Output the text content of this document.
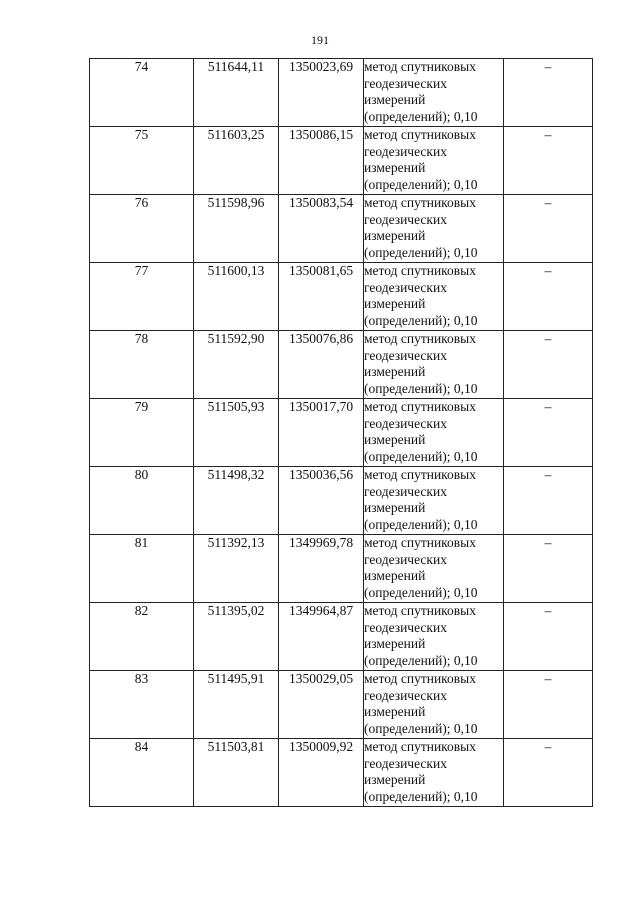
191
74	511644,11	1350023,69	метод спутниковых
геодезических
измерений
(определений); 0,10	–
75	511603,25	1350086,15	метод спутниковых
геодезических
измерений
(определений); 0,10	–
76	511598,96	1350083,54	метод спутниковых
геодезических
измерений
(определений); 0,10	–
77	511600,13	1350081,65	метод спутниковых
геодезических
измерений
(определений); 0,10	–
78	511592,90	1350076,86	метод спутниковых
геодезических
измерений
(определений); 0,10	–
79	511505,93	1350017,70	метод спутниковых
геодезических
измерений
(определений); 0,10	–
80	511498,32	1350036,56	метод спутниковых
геодезических
измерений
(определений); 0,10	–
81	511392,13	1349969,78	метод спутниковых
геодезических
измерений
(определений); 0,10	–
82	511395,02	1349964,87	метод спутниковых
геодезических
измерений
(определений); 0,10	–
83	511495,91	1350029,05	метод спутниковых
геодезических
измерений
(определений); 0,10	–
84	511503,81	1350009,92	метод спутниковых
геодезических
измерений
(определений); 0,10	–
